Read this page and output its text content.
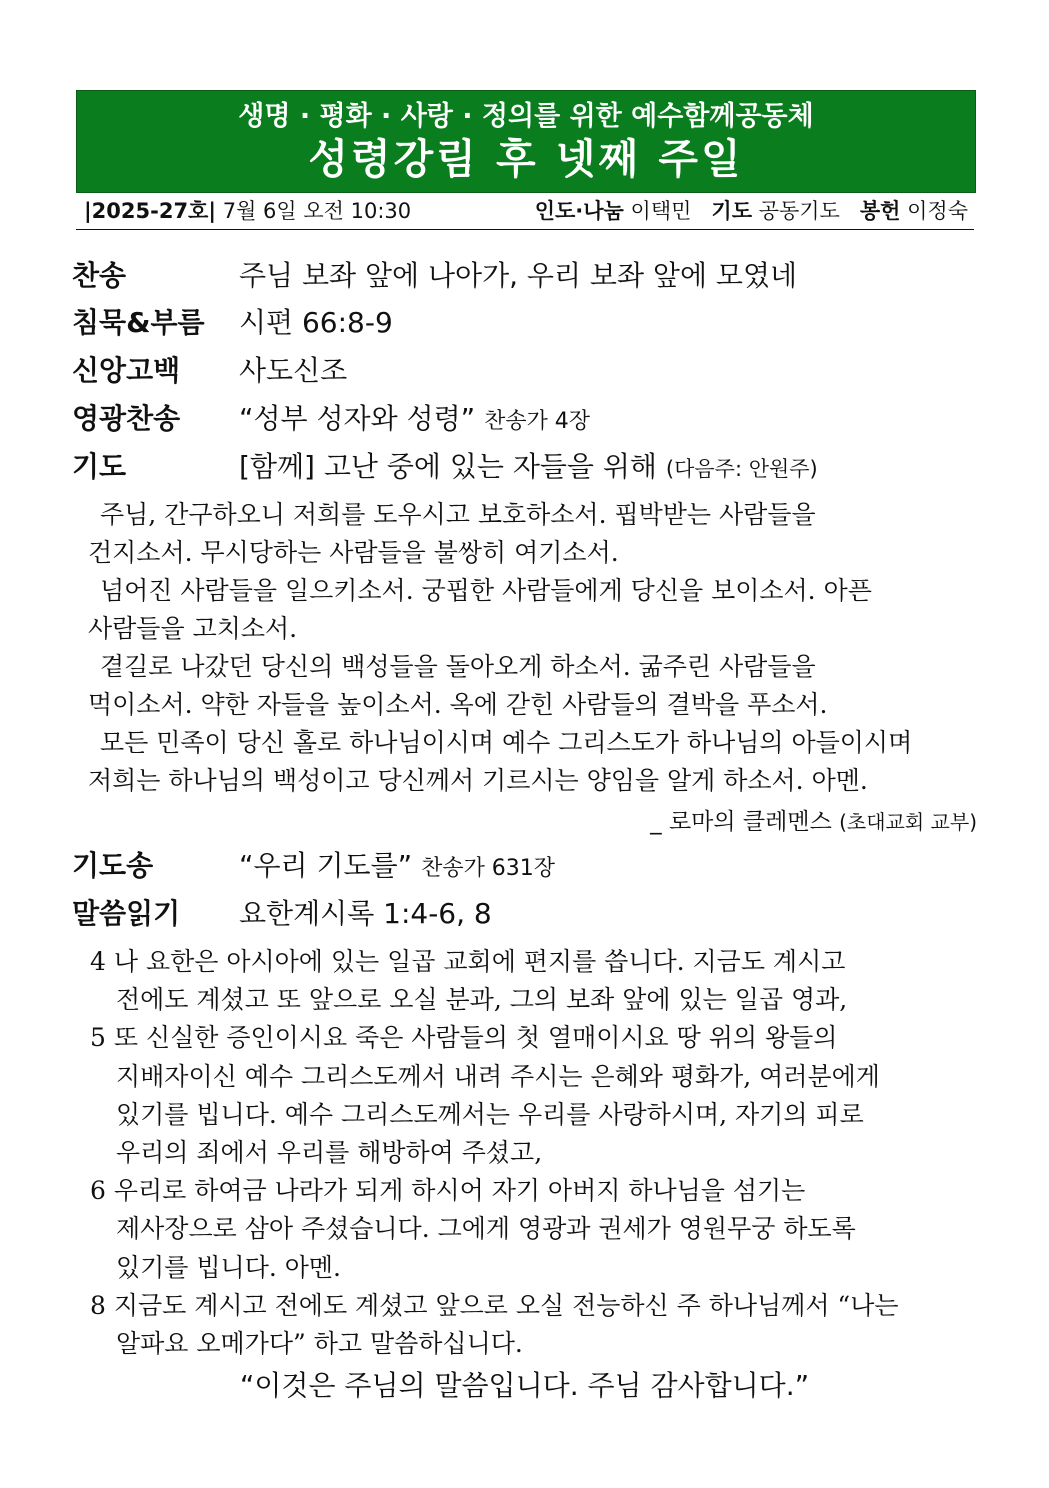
생명 · 평화 · 사랑 · 정의를 위한 예수함께공동체
성령강림 후 넷째 주일
|2025-27호| 7월 6일 오전 10:30	인도·나눔 이택민 기도 공동기도 봉헌 이정숙
찬송	주님 보좌 앞에 나아가, 우리 보좌 앞에 모였네
침묵&부름 시편 66:8-9
신앙고백 사도신조
영광찬송 “성부 성자와 성령” 찬송가 4장
기도	[함께] 고난 중에 있는 자들을 위해 (다음주: 안원주)

주님, 간구하오니 저희를 도우시고 보호하소서. 핍박받는 사람들을

건지소서. 무시당하는 사람들을 불쌍히 여기소서.

넘어진 사람들을 일으키소서. 궁핍한 사람들에게 당신을 보이소서. 아픈

사람들을 고치소서.

곁길로 나갔던 당신의 백성들을 돌아오게 하소서. 굶주린 사람들을

먹이소서. 약한 자들을 높이소서. 옥에 갇힌 사람들의 결박을 푸소서.

모든 민족이 당신 홀로 하나님이시며 예수 그리스도가 하나님의 아들이시며

저희는 하나님의 백성이고 당신께서 기르시는 양임을 알게 하소서. 아멘.

_ 로마의 클레멘스 (초대교회 교부)
기도송	“우리 기도를” 찬송가 631장
말씀읽기 요한계시록 1:4-6, 8

4 나 요한은 아시아에 있는 일곱 교회에 편지를 씁니다. 지금도 계시고

전에도 계셨고 또 앞으로 오실 분과, 그의 보좌 앞에 있는 일곱 영과,

5 또 신실한 증인이시요 죽은 사람들의 첫 열매이시요 땅 위의 왕들의

지배자이신 예수 그리스도께서 내려 주시는 은혜와 평화가, 여러분에게

있기를 빕니다. 예수 그리스도께서는 우리를 사랑하시며, 자기의 피로

우리의 죄에서 우리를 해방하여 주셨고,

6 우리로 하여금 나라가 되게 하시어 자기 아버지 하나님을 섬기는

제사장으로 삼아 주셨습니다. 그에게 영광과 권세가 영원무궁 하도록

있기를 빕니다. 아멘.

8 지금도 계시고 전에도 계셨고 앞으로 오실 전능하신 주 하나님께서 “나는

알파요 오메가다” 하고 말씀하십니다.

“이것은 주님의 말씀입니다. 주님 감사합니다.”
